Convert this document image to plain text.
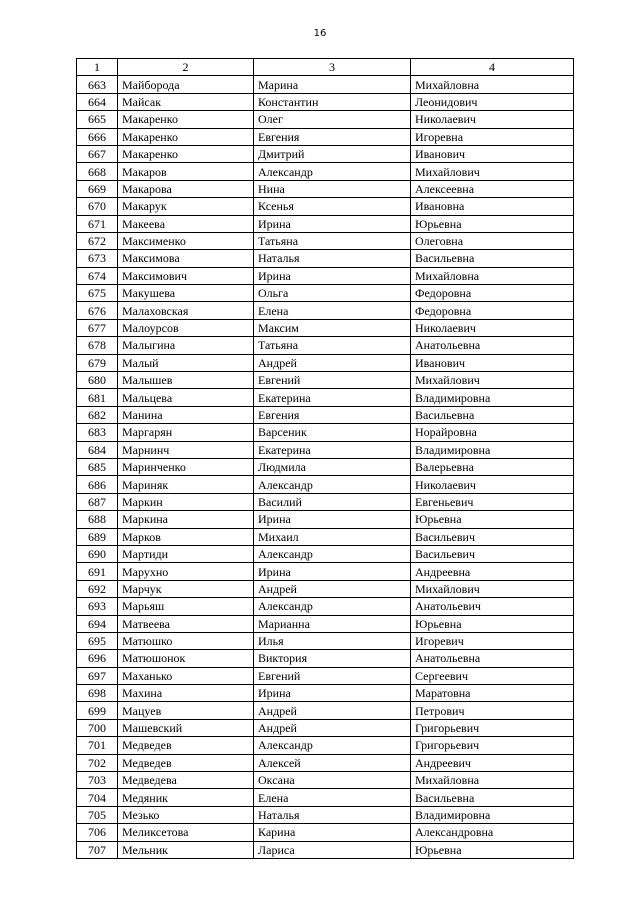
16
1	2	3	4
663	Майборода	Марина	Михайловна
664	Майсак	Константин	Леонидович
665	Макаренко	Олег	Николаевич
666	Макаренко	Евгения	Игоревна
667	Макаренко	Дмитрий	Иванович
668	Макаров	Александр	Михайлович
669	Макарова	Нина	Алексеевна
670	Макарук	Ксенья	Ивановна
671	Макеева	Ирина	Юрьевна
672	Максименко	Татьяна	Олеговна
673	Максимова	Наталья	Васильевна
674	Максимович	Ирина	Михайловна
675	Макушева	Ольга	Федоровна
676	Малаховская	Елена	Федоровна
677	Малоурсов	Максим	Николаевич
678	Малыгина	Татьяна	Анатольевна
679	Малый	Андрей	Иванович
680	Малышев	Евгений	Михайлович
681	Мальцева	Екатерина	Владимировна
682	Манина	Евгения	Васильевна
683	Маргарян	Варсеник	Норайровна
684	Марнинч	Екатерина	Владимировна
685	Маринченко	Людмила	Валерьевна
686	Мариняк	Александр	Николаевич
687	Маркин	Василий	Евгеньевич
688	Маркина	Ирина	Юрьевна
689	Марков	Михаил	Васильевич
690	Мартиди	Александр	Васильевич
691	Марухно	Ирина	Андреевна
692	Марчук	Андрей	Михайлович
693	Марьяш	Александр	Анатольевич
694	Матвеева	Марианна	Юрьевна
695	Матюшко	Илья	Игоревич
696	Матюшонок	Виктория	Анатольевна
697	Маханько	Евгений	Сергеевич
698	Махина	Ирина	Маратовна
699	Мацуев	Андрей	Петрович
700	Машевский	Андрей	Григорьевич
701	Медведев	Александр	Григорьевич
702	Медведев	Алексей	Андреевич
703	Медведева	Оксана	Михайловна
704	Медяник	Елена	Васильевна
705	Мезько	Наталья	Владимировна
706	Меликсетова	Карина	Александровна
707	Мельник	Лариса	Юрьевна
